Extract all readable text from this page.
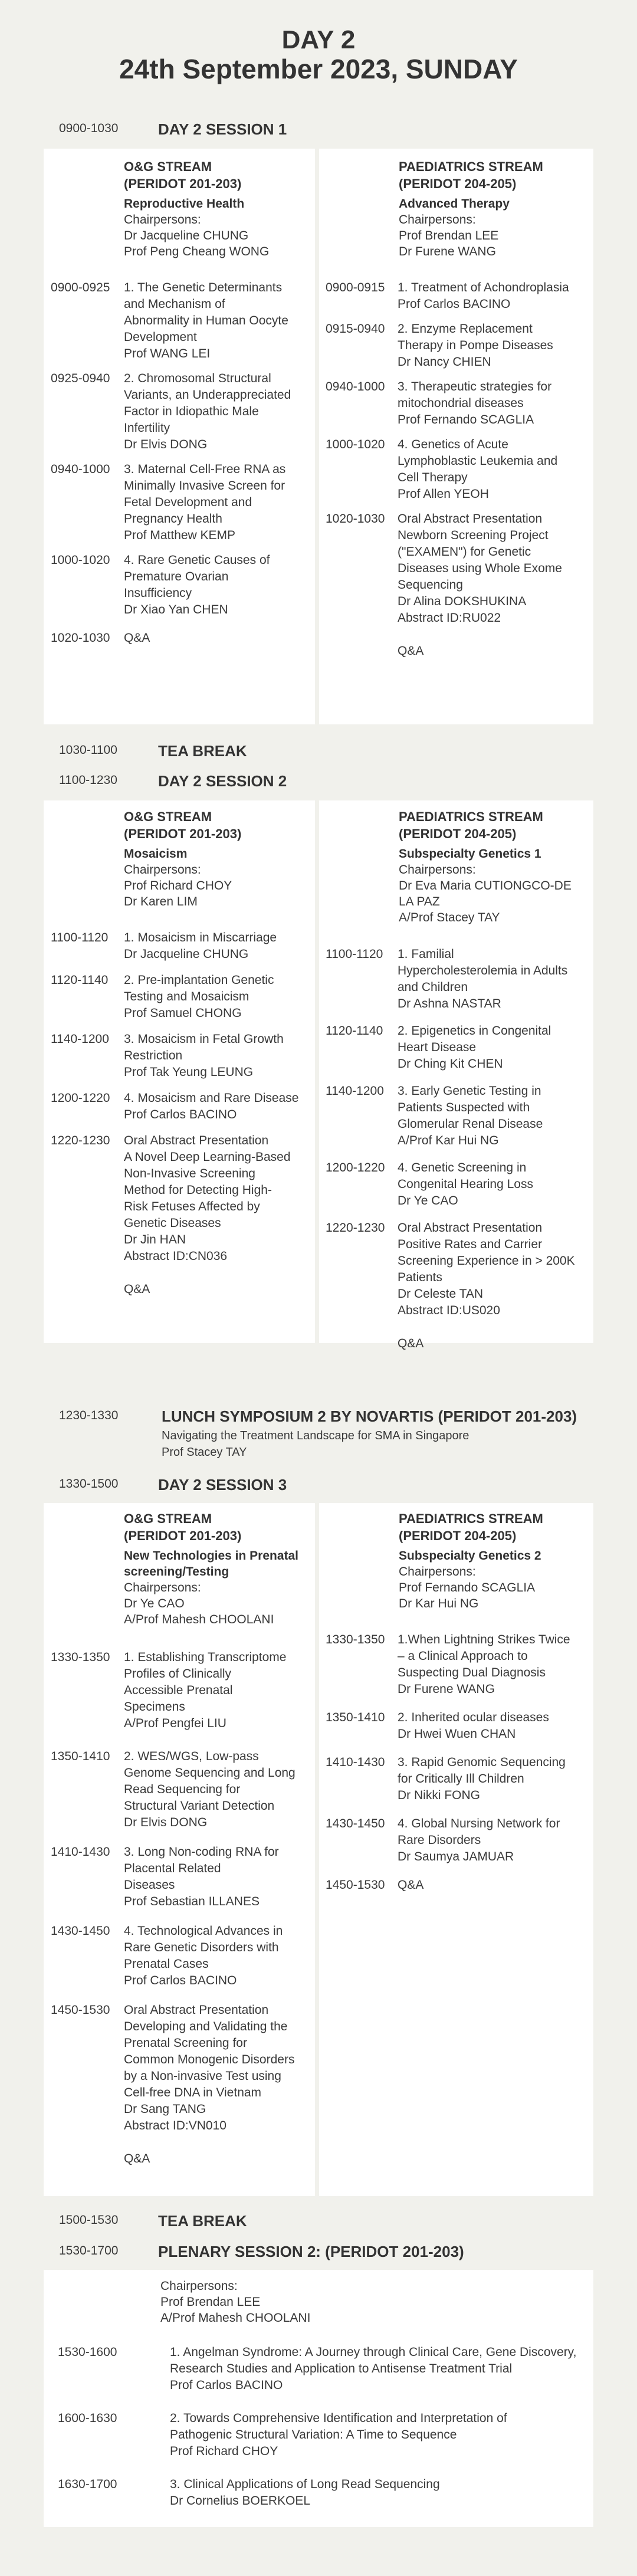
DAY 2
24th September 2023, SUNDAY
0900-1030	DAY 2 SESSION 1
O&G STREAM
(PERIDOT 201-203)
Reproductive Health
Chairpersons:
Dr Jacqueline CHUNG
Prof Peng Cheang WONG
PAEDIATRICS STREAM
(PERIDOT 204-205)
Advanced Therapy
Chairpersons:
Prof Brendan LEE
Dr Furene WANG
0900-0925	1. The Genetic Determinants
and Mechanism of
Abnormality in Human Oocyte
Development
Prof WANG LEI
0925-0940	2. Chromosomal Structural
Variants, an Underappreciated
Factor in Idiopathic Male
Infertility
Dr Elvis DONG
0940-1000	3. Maternal Cell-Free RNA as
Minimally Invasive Screen for
Fetal Development and
Pregnancy Health
Prof Matthew KEMP
1000-1020	4. Rare Genetic Causes of
Premature Ovarian
Insufficiency
Dr Xiao Yan CHEN
1020-1030	Q&A
0900-0915	1. Treatment of Achondroplasia
Prof Carlos BACINO
0915-0940	2. Enzyme Replacement
Therapy in Pompe Diseases
Dr Nancy CHIEN
0940-1000	3. Therapeutic strategies for
mitochondrial diseases
Prof Fernando SCAGLIA
1000-1020	4. Genetics of Acute
Lymphoblastic Leukemia and
Cell Therapy
Prof Allen YEOH
1020-1030	Oral Abstract Presentation
Newborn Screening Project
("EXAMEN") for Genetic
Diseases using Whole Exome
Sequencing
Dr Alina DOKSHUKINA
Abstract ID:RU022

Q&A
1030-1100	TEA BREAK
1100-1230	DAY 2 SESSION 2
O&G STREAM
(PERIDOT 201-203)
Mosaicism
Chairpersons:
Prof Richard CHOY
Dr Karen LIM
PAEDIATRICS STREAM
(PERIDOT 204-205)
Subspecialty Genetics 1
Chairpersons:
Dr Eva Maria CUTIONGCO-DE
LA PAZ
A/Prof Stacey TAY
1100-1120	1. Mosaicism in Miscarriage
Dr Jacqueline CHUNG
1120-1140	2. Pre-implantation Genetic
Testing and Mosaicism
Prof Samuel CHONG
1140-1200	3. Mosaicism in Fetal Growth
Restriction
Prof Tak Yeung LEUNG
1200-1220	4. Mosaicism and Rare Disease
Prof Carlos BACINO
1220-1230	Oral Abstract Presentation
A Novel Deep Learning-Based
Non-Invasive Screening
Method for Detecting High-
Risk Fetuses Affected by
Genetic Diseases
Dr Jin HAN
Abstract ID:CN036

Q&A
1100-1120	1. Familial
Hypercholesterolemia in Adults
and Children
Dr Ashna NASTAR
1120-1140	2. Epigenetics in Congenital
Heart Disease
Dr Ching Kit CHEN
1140-1200	3. Early Genetic Testing in
Patients Suspected with
Glomerular Renal Disease
A/Prof Kar Hui NG
1200-1220	4. Genetic Screening in
Congenital Hearing Loss
Dr Ye CAO
1220-1230	Oral Abstract Presentation
Positive Rates and Carrier
Screening Experience in > 200K
Patients
Dr Celeste TAN
Abstract ID:US020

Q&A
1230-1330	LUNCH SYMPOSIUM 2 BY NOVARTIS (PERIDOT 201-203)
Navigating the Treatment Landscape for SMA in Singapore
Prof Stacey TAY
1330-1500	DAY 2 SESSION 3
O&G STREAM
(PERIDOT 201-203)
New Technologies in Prenatal
screening/Testing
Chairpersons:
Dr Ye CAO
A/Prof Mahesh CHOOLANI
PAEDIATRICS STREAM
(PERIDOT 204-205)
Subspecialty Genetics 2
Chairpersons:
Prof Fernando SCAGLIA
Dr Kar Hui NG
1330-1350	1. Establishing Transcriptome
Profiles of Clinically
Accessible Prenatal
Specimens
A/Prof Pengfei LIU
1350-1410	2. WES/WGS, Low-pass
Genome Sequencing and Long
Read Sequencing for
Structural Variant Detection
Dr Elvis DONG
1410-1430	3. Long Non-coding RNA for
Placental Related
Diseases
Prof Sebastian ILLANES
1430-1450	4. Technological Advances in
Rare Genetic Disorders with
Prenatal Cases
Prof Carlos BACINO
1450-1530	Oral Abstract Presentation
Developing and Validating the
Prenatal Screening for
Common Monogenic Disorders
by a Non-invasive Test using
Cell-free DNA in Vietnam
Dr Sang TANG
Abstract ID:VN010

Q&A
1330-1350	1.When Lightning Strikes Twice
– a Clinical Approach to
Suspecting Dual Diagnosis
Dr Furene WANG
1350-1410	2. Inherited ocular diseases
Dr Hwei Wuen CHAN
1410-1430	3. Rapid Genomic Sequencing
for Critically Ill Children
Dr Nikki FONG
1430-1450	4. Global Nursing Network for
Rare Disorders
Dr Saumya JAMUAR
1450-1530	Q&A
1500-1530	TEA BREAK
1530-1700	PLENARY SESSION 2: (PERIDOT 201-203)
Chairpersons:
Prof Brendan LEE
A/Prof Mahesh CHOOLANI
1530-1600	1. Angelman Syndrome: A Journey through Clinical Care, Gene Discovery,
Research Studies and Application to Antisense Treatment Trial
Prof Carlos BACINO
1600-1630	2. Towards Comprehensive Identification and Interpretation of
Pathogenic Structural Variation: A Time to Sequence
Prof Richard CHOY
1630-1700	3. Clinical Applications of Long Read Sequencing
Dr Cornelius BOERKOEL
